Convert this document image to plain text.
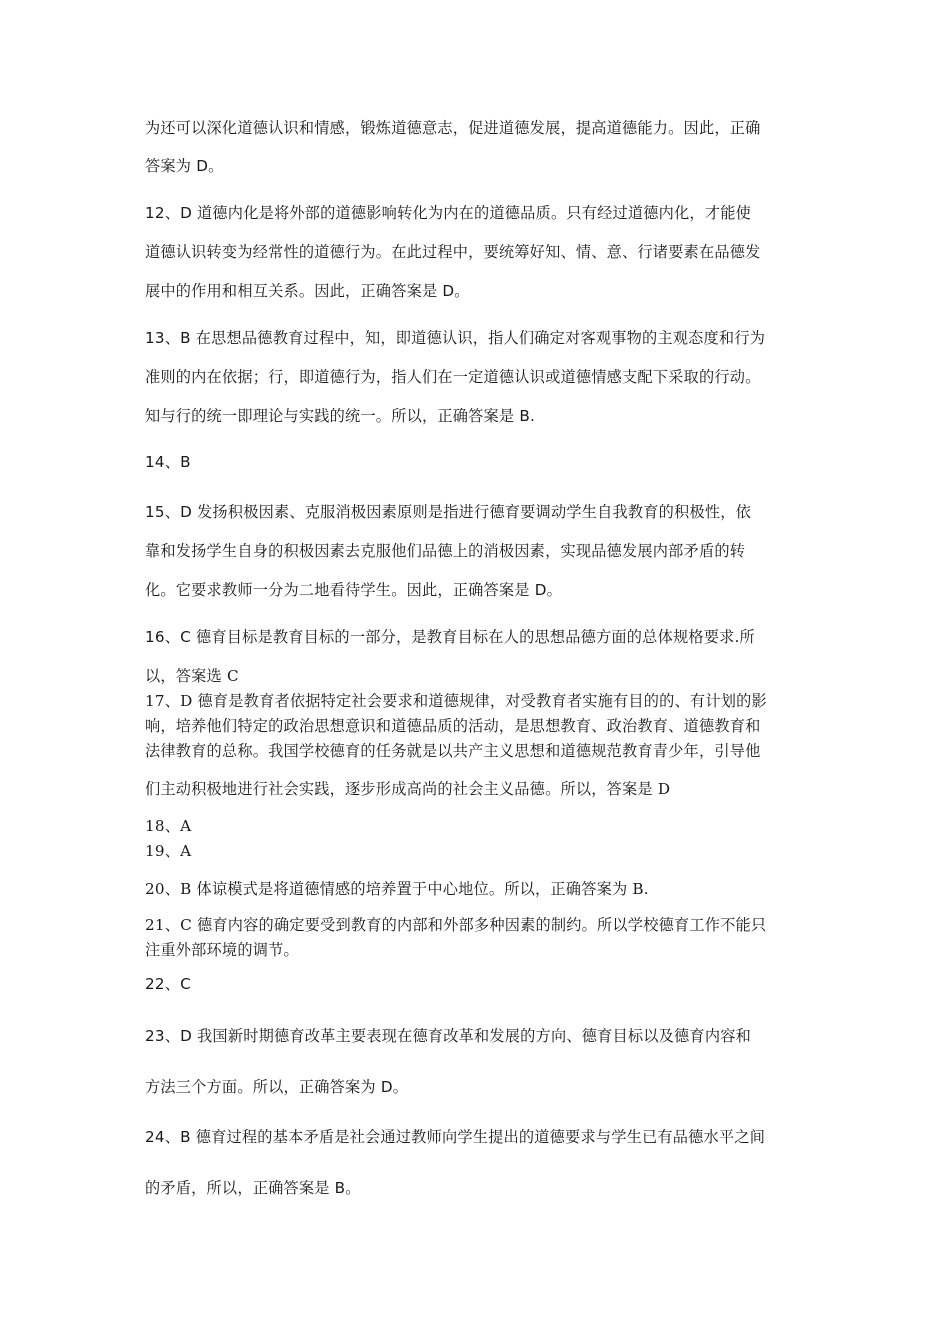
为还可以深化道德认识和情感，锻炼道德意志，促进道德发展，提高道德能力。因此，正确
答案为 D。
12、D 道德内化是将外部的道德影响转化为内在的道德品质。只有经过道德内化，才能使
道德认识转变为经常性的道德行为。在此过程中，要统筹好知、情、意、行诸要素在品德发
展中的作用和相互关系。因此，正确答案是 D。
13、B 在思想品德教育过程中，知，即道德认识，指人们确定对客观事物的主观态度和行为
准则的内在依据；行，即道德行为，指人们在一定道德认识或道德情感支配下采取的行动。
知与行的统一即理论与实践的统一。所以，正确答案是 B.
14、B
15、D 发扬积极因素、克服消极因素原则是指进行德育要调动学生自我教育的积极性，依
靠和发扬学生自身的积极因素去克服他们品德上的消极因素，实现品德发展内部矛盾的转
化。它要求教师一分为二地看待学生。因此，正确答案是 D。
16、C 德育目标是教育目标的一部分，是教育目标在人的思想品德方面的总体规格要求.所
以，答案选 C
17、D 德育是教育者依据特定社会要求和道德规律，对受教育者实施有目的的、有计划的影
响，培养他们特定的政治思想意识和道德品质的活动，是思想教育、政治教育、道德教育和
法律教育的总称。我国学校德育的任务就是以共产主义思想和道德规范教育青少年，引导他
们主动积极地进行社会实践，逐步形成高尚的社会主义品德。所以，答案是 D
18、A
19、A
20、B 体谅模式是将道德情感的培养置于中心地位。所以，正确答案为 B.
21、C 德育内容的确定要受到教育的内部和外部多种因素的制约。所以学校德育工作不能只
注重外部环境的调节。
22、C
23、D 我国新时期德育改革主要表现在德育改革和发展的方向、德育目标以及德育内容和
方法三个方面。所以，正确答案为 D。
24、B 德育过程的基本矛盾是社会通过教师向学生提出的道德要求与学生已有品德水平之间
的矛盾，所以，正确答案是 B。
